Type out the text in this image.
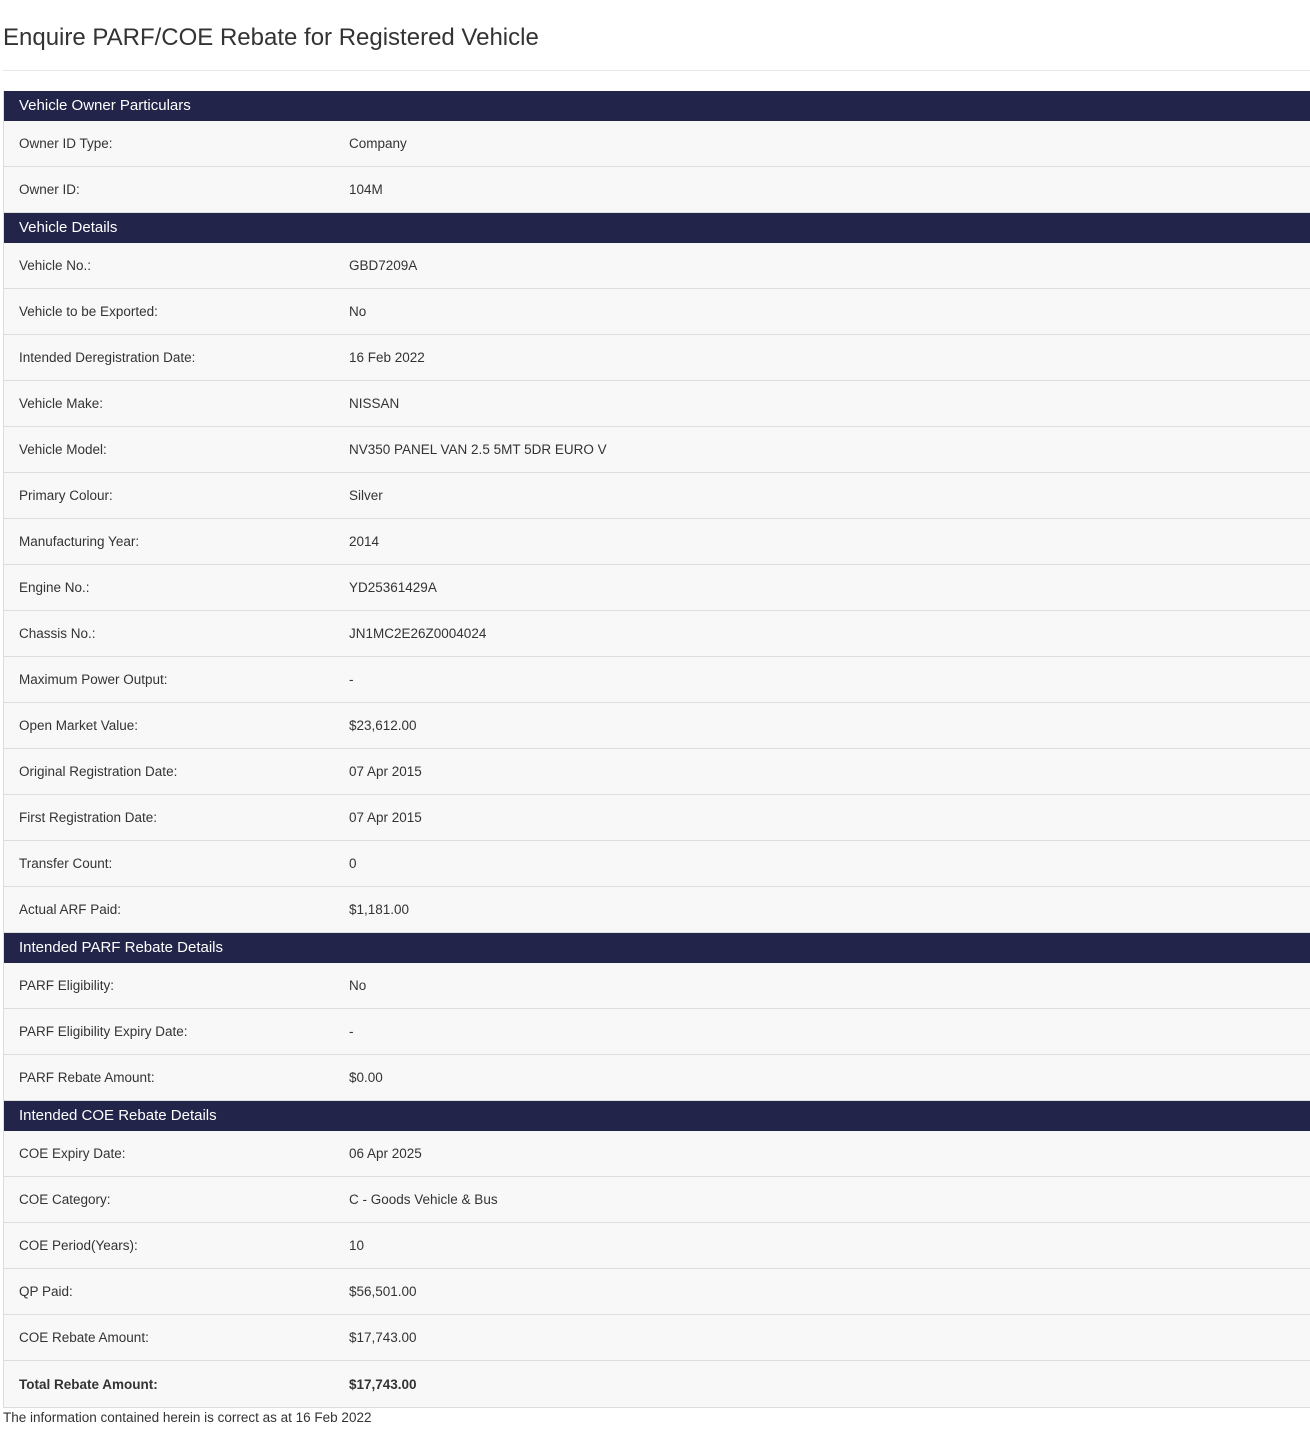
Enquire PARF/COE Rebate for Registered Vehicle
Vehicle Owner Particulars
Owner ID Type:	Company
Owner ID:	104M
Vehicle Details
Vehicle No.:	GBD7209A
Vehicle to be Exported:	No
Intended Deregistration Date:	16 Feb 2022
Vehicle Make:	NISSAN
Vehicle Model:	NV350 PANEL VAN 2.5 5MT 5DR EURO V
Primary Colour:	Silver
Manufacturing Year:	2014
Engine No.:	YD25361429A
Chassis No.:	JN1MC2E26Z0004024
Maximum Power Output:	-
Open Market Value:	$23,612.00
Original Registration Date:	07 Apr 2015
First Registration Date:	07 Apr 2015
Transfer Count:	0
Actual ARF Paid:	$1,181.00
Intended PARF Rebate Details
PARF Eligibility:	No
PARF Eligibility Expiry Date:	-
PARF Rebate Amount:	$0.00
Intended COE Rebate Details
COE Expiry Date:	06 Apr 2025
COE Category:	C - Goods Vehicle & Bus
COE Period(Years):	10
QP Paid:	$56,501.00
COE Rebate Amount:	$17,743.00
Total Rebate Amount:	$17,743.00
The information contained herein is correct as at 16 Feb 2022
